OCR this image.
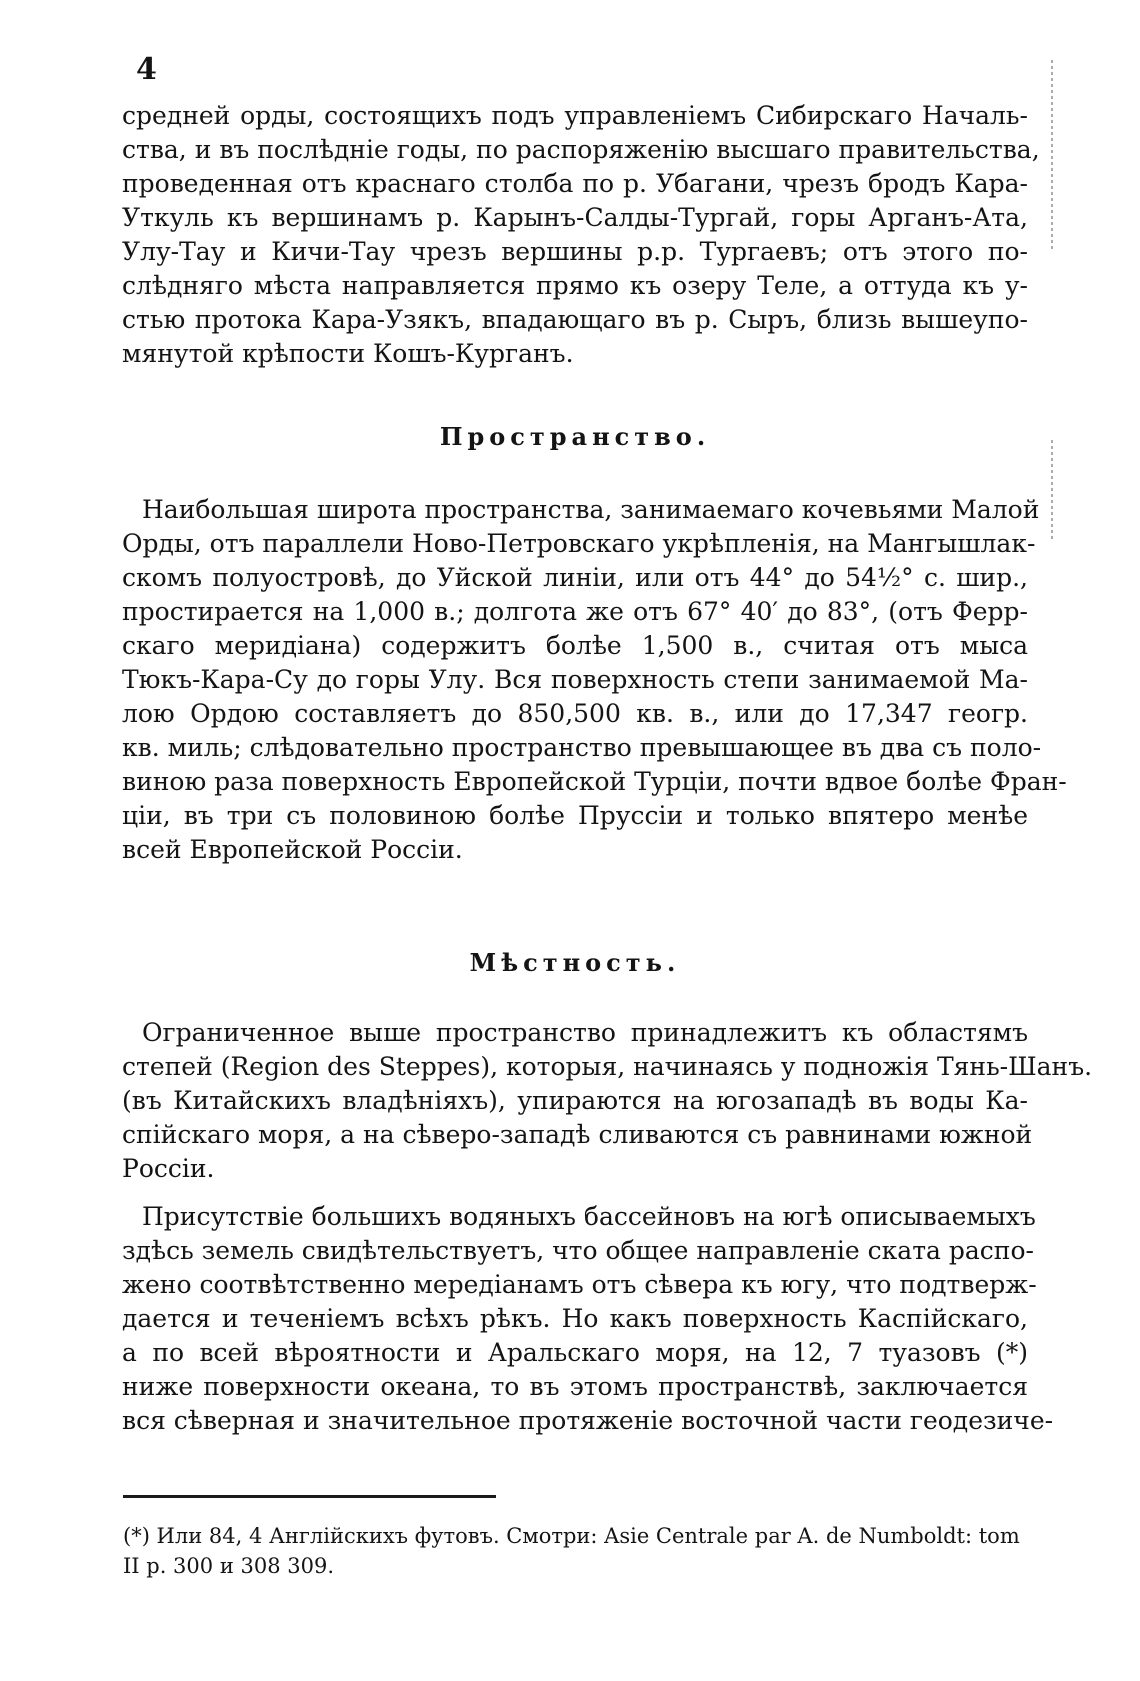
4
средней орды, состоящихъ подъ управленіемъ Сибирскаго Началь-
ства, и въ послѣдніе годы, по распоряженію высшаго правительства,
проведенная отъ краснаго столба по р. Убагани, чрезъ бродъ Кара-
Уткуль къ вершинамъ р. Карынъ-Салды-Тургай, горы Арганъ-Ата,
Улу-Тау и Кичи-Тау чрезъ вершины р.р. Тургаевъ; отъ этого по-
слѣдняго мѣста направляется прямо къ озеру Теле, а оттуда къ у-
стью протока Кара-Узякъ, впадающаго въ р. Сыръ, близь вышеупо-
мянутой крѣпости Кошъ-Курганъ.
Пространство.
Наибольшая широта пространства, занимаемаго кочевьями Малой
Орды, отъ параллели Ново-Петровскаго укрѣпленія, на Мангышлак-
скомъ полуостровѣ, до Уйской линіи, или отъ 44° до 54½° с. шир.,
простирается на 1,000 в.; долгота же отъ 67° 40′ до 83°, (отъ Ферр-
скаго меридіана) содержитъ болѣе 1,500 в., считая отъ мыса
Тюкъ-Кара-Су до горы Улу. Вся поверхность степи занимаемой Ма-
лою Ордою составляетъ до 850,500 кв. в., или до 17,347 геогр.
кв. миль; слѣдовательно пространство превышающее въ два съ поло-
виною раза поверхность Европейской Турціи, почти вдвое болѣе Фран-
ціи, въ три съ половиною болѣе Пруссіи и только впятеро менѣе
всей Европейской Россіи.
Мѣстность.
Ограниченное выше пространство принадлежитъ къ областямъ
степей (Region des Steppes), которыя, начинаясь у подножія Тянь-Шанъ.
(въ Китайскихъ владѣніяхъ), упираются на югозападѣ въ воды Ка-
спійскаго моря, а на сѣверо-западѣ сливаются съ равнинами южной
Россіи.
Присутствіе большихъ водяныхъ бассейновъ на югѣ описываемыхъ
здѣсь земель свидѣтельствуетъ, что общее направленіе ската распо-
жено соотвѣтственно мередіанамъ отъ сѣвера къ югу, что подтверж-
дается и теченіемъ всѣхъ рѣкъ. Но какъ поверхность Каспійскаго,
а по всей вѣроятности и Аральскаго моря, на 12, 7 туазовъ (*)
ниже поверхности океана, то въ этомъ пространствѣ, заключается
вся сѣверная и значительное протяженіе восточной части геодезиче-
(*) Или 84, 4 Англійскихъ футовъ. Смотри: Asie Centrale par A. de Numboldt: tom
II p. 300 и 308 309.
